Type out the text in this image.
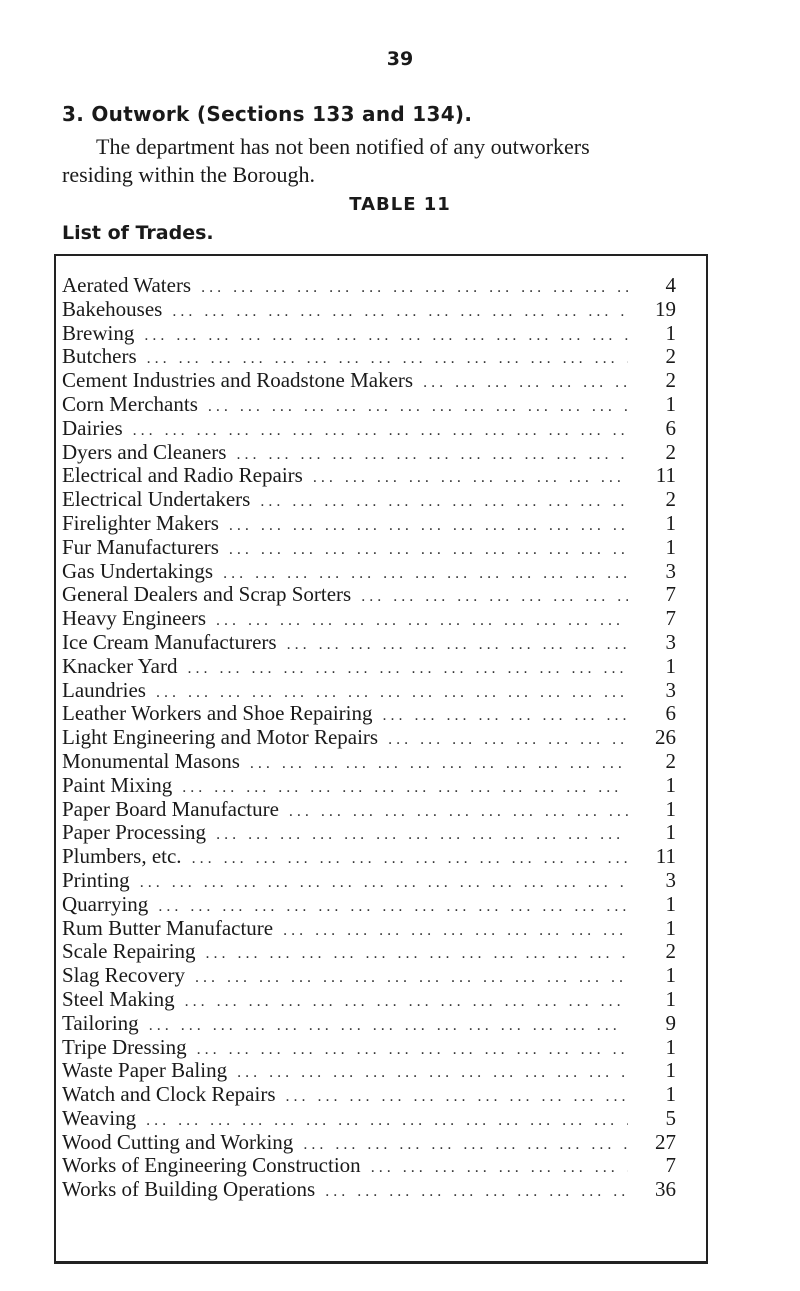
39
3. Outwork (Sections 133 and 134).
The department has not been notified of any outworkers
residing within the Borough.
TABLE 11
List of Trades.
Aerated Waters ... .	4
Bakehouses ... .	19
Brewing ... .	1
Butchers ... .	2
Cement Industries and Roadstone Makers ... .	2
Corn Merchants ... .	1
Dairies ... .	6
Dyers and Cleaners ... .	2
Electrical and Radio Repairs ... .	11
Electrical Undertakers ... .	2
Firelighter Makers ... .	1
Fur Manufacturers ... .	1
Gas Undertakings ... .	3
General Dealers and Scrap Sorters ... .	7
Heavy Engineers ... .	7
Ice Cream Manufacturers ... .	3
Knacker Yard ... .	1
Laundries ... .	3
Leather Workers and Shoe Repairing ... .	6
Light Engineering and Motor Repairs ... .	26
Monumental Masons ... .	2
Paint Mixing ... .	1
Paper Board Manufacture ... .	1
Paper Processing ... .	1
Plumbers, etc. ... .	11
Printing ... .	3
Quarrying ... .	1
Rum Butter Manufacture ... .	1
Scale Repairing ... .	2
Slag Recovery ... .	1
Steel Making ... .	1
Tailoring ... .	9
Tripe Dressing ... .	1
Waste Paper Baling ... .	1
Watch and Clock Repairs ... .	1
Weaving ... .	5
Wood Cutting and Working ... .	27
Works of Engineering Construction ... .	7
Works of Building Operations ... .	36
